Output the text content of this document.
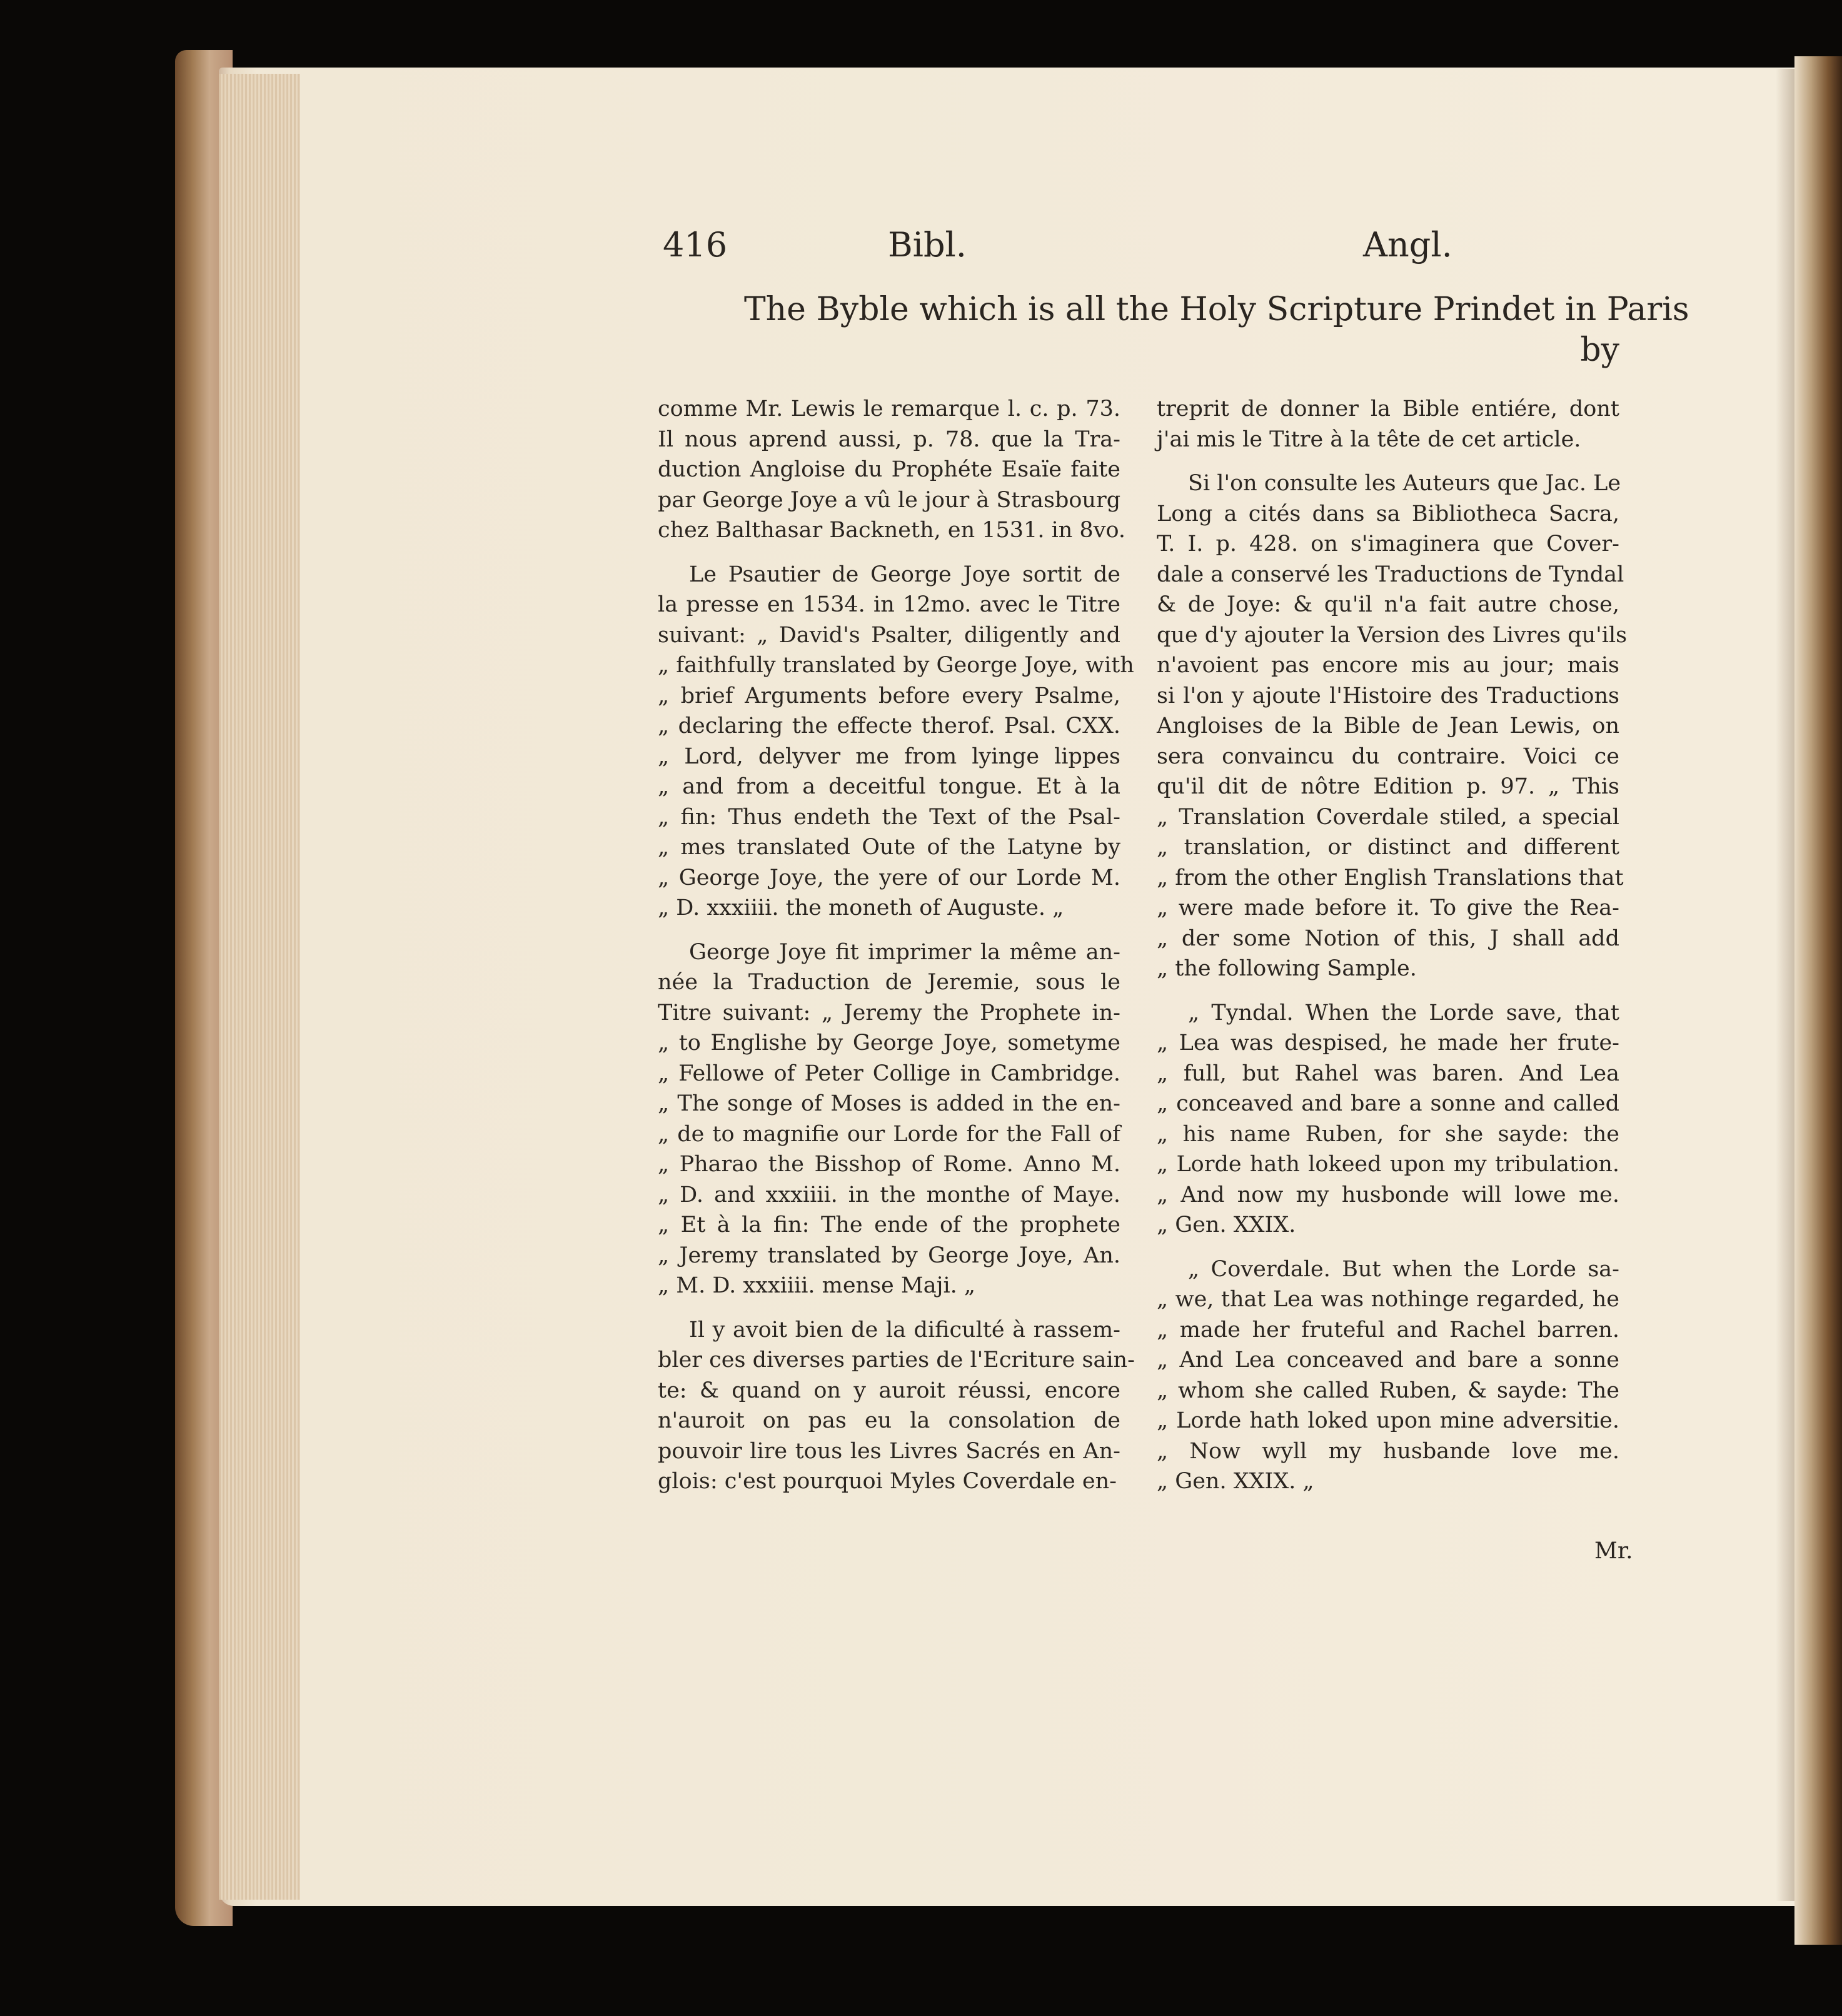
416	Bibl.	Angl.
The Byble which is all the Holy Scripture Prindet in Paris
by
comme Mr. Lewis le remarque l. c. p. 73.
Il nous aprend aussi, p. 78. que la Tra-
duction Angloise du Prophéte Esaïe faite
par George Joye a vû le jour à Strasbourg
chez Balthasar Backneth, en 1531. in 8vo.
Le Psautier de George Joye sortit de
la presse en 1534. in 12mo. avec le Titre
suivant: „ David's Psalter, diligently and
„ faithfully translated by George Joye, with
„ brief Arguments before every Psalme,
„ declaring the effecte therof. Psal. CXX.
„ Lord, delyver me from lyinge lippes
„ and from a deceitful tongue. Et à la
„ fin: Thus endeth the Text of the Psal-
„ mes translated Oute of the Latyne by
„ George Joye, the yere of our Lorde M.
„ D. xxxiiii. the moneth of Auguste. „
George Joye fit imprimer la même an-
née la Traduction de Jeremie, sous le
Titre suivant: „ Jeremy the Prophete in-
„ to Englishe by George Joye, sometyme
„ Fellowe of Peter Collige in Cambridge.
„ The songe of Moses is added in the en-
„ de to magnifie our Lorde for the Fall of
„ Pharao the Bisshop of Rome. Anno M.
„ D. and xxxiiii. in the monthe of Maye.
„ Et à la fin: The ende of the prophete
„ Jeremy translated by George Joye, An.
„ M. D. xxxiiii. mense Maji. „
Il y avoit bien de la dificulté à rassem-
bler ces diverses parties de l'Ecriture sain-
te: & quand on y auroit réussi, encore
n'auroit on pas eu la consolation de
pouvoir lire tous les Livres Sacrés en An-
glois: c'est pourquoi Myles Coverdale en-
treprit de donner la Bible entiére, dont
j'ai mis le Titre à la tête de cet article.
Si l'on consulte les Auteurs que Jac. Le
Long a cités dans sa Bibliotheca Sacra,
T. I. p. 428. on s'imaginera que Cover-
dale a conservé les Traductions de Tyndal
& de Joye: & qu'il n'a fait autre chose,
que d'y ajouter la Version des Livres qu'ils
n'avoient pas encore mis au jour; mais
si l'on y ajoute l'Histoire des Traductions
Angloises de la Bible de Jean Lewis, on
sera convaincu du contraire. Voici ce
qu'il dit de nôtre Edition p. 97. „ This
„ Translation Coverdale stiled, a special
„ translation, or distinct and different
„ from the other English Translations that
„ were made before it. To give the Rea-
„ der some Notion of this, J shall add
„ the following Sample.
„ Tyndal. When the Lorde save, that
„ Lea was despised, he made her frute-
„ full, but Rahel was baren. And Lea
„ conceaved and bare a sonne and called
„ his name Ruben, for she sayde: the
„ Lorde hath lokeed upon my tribulation.
„ And now my husbonde will lowe me.
„ Gen. XXIX.
„ Coverdale. But when the Lorde sa-
„ we, that Lea was nothinge regarded, he
„ made her fruteful and Rachel barren.
„ And Lea conceaved and bare a sonne
„ whom she called Ruben, & sayde: The
„ Lorde hath loked upon mine adversitie.
„ Now wyll my husbande love me.
„ Gen. XXIX. „
Mr.
